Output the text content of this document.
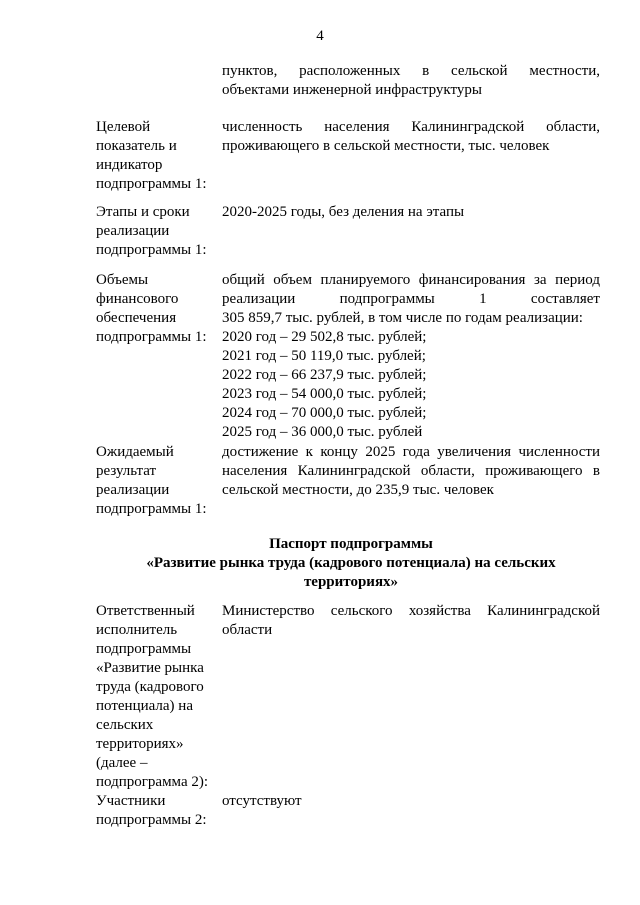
4
пунктов, расположенных в сельской местности,
объектами инженерной инфраструктуры
Целевой
показатель и
индикатор
подпрограммы 1:
численность населения Калининградской области,
проживающего в сельской местности, тыс. человек
Этапы и сроки
реализации
подпрограммы 1:
2020-2025 годы, без деления на этапы
Объемы
финансового
обеспечения
подпрограммы 1:
общий объем планируемого финансирования за период
реализации подпрограммы 1 составляет
305 859,7 тыс. рублей, в том числе по годам реализации:
2020 год – 29 502,8 тыс. рублей;
2021 год – 50 119,0 тыс. рублей;
2022 год – 66 237,9 тыс. рублей;
2023 год – 54 000,0 тыс. рублей;
2024 год – 70 000,0 тыс. рублей;
2025 год – 36 000,0 тыс. рублей
Ожидаемый
результат
реализации
подпрограммы 1:
достижение к концу 2025 года увеличения численности
населения Калининградской области, проживающего в
сельской местности, до 235,9 тыс. человек
Паспорт подпрограммы
«Развитие рынка труда (кадрового потенциала) на сельских
территориях»
Ответственный
исполнитель
подпрограммы
«Развитие рынка
труда (кадрового
потенциала) на
сельских
территориях»
(далее –
подпрограмма 2):
Министерство сельского хозяйства Калининградской
области
Участники
подпрограммы 2:
отсутствуют
